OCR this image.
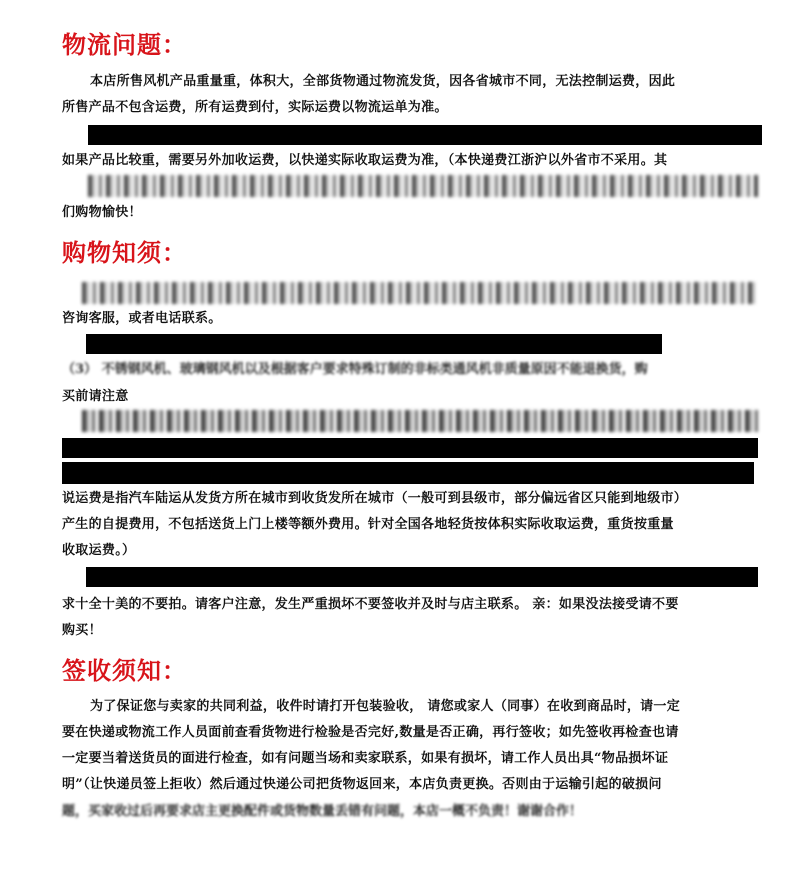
物流问题：
本店所售风机产品重量重，体积大，全部货物通过物流发货，因各省城市不同，无法控制运费，因此
所售产品不包含运费，所有运费到付，实际运费以物流运单为准。
如果产品比较重，需要另外加收运费，以快递实际收取运费为准，（本快递费江浙沪以外省市不采用。其
们购物愉快！
购物知须：
咨询客服，或者电话联系。
（3） 不锈钢风机、玻璃钢风机以及根据客户要求特殊订制的非标类通风机非质量原因不能退换货，购
买前请注意
说运费是指汽车陆运从发货方所在城市到收货发所在城市（一般可到县级市，部分偏远省区只能到地级市）
产生的自提费用，不包括送货上门上楼等额外费用。针对全国各地轻货按体积实际收取运费，重货按重量
收取运费。）
求十全十美的不要拍。请客户注意，发生严重损坏不要签收并及时与店主联系。 亲：如果没法接受请不要
购买！
签收须知：
为了保证您与卖家的共同利益，收件时请打开包装验收， 请您或家人（同事）在收到商品时，请一定
要在快递或物流工作人员面前查看货物进行检验是否完好,数量是否正确，再行签收；如先签收再检查也请
一定要当着送货员的面进行检查，如有问题当场和卖家联系，如果有损坏，请工作人员出具“物品损坏证
明”（让快递员签上拒收）然后通过快递公司把货物返回来，本店负责更换。否则由于运输引起的破损问
题，买家收过后再要求店主更换配件或货物数量丢错有问题，本店一概不负责！谢谢合作！
